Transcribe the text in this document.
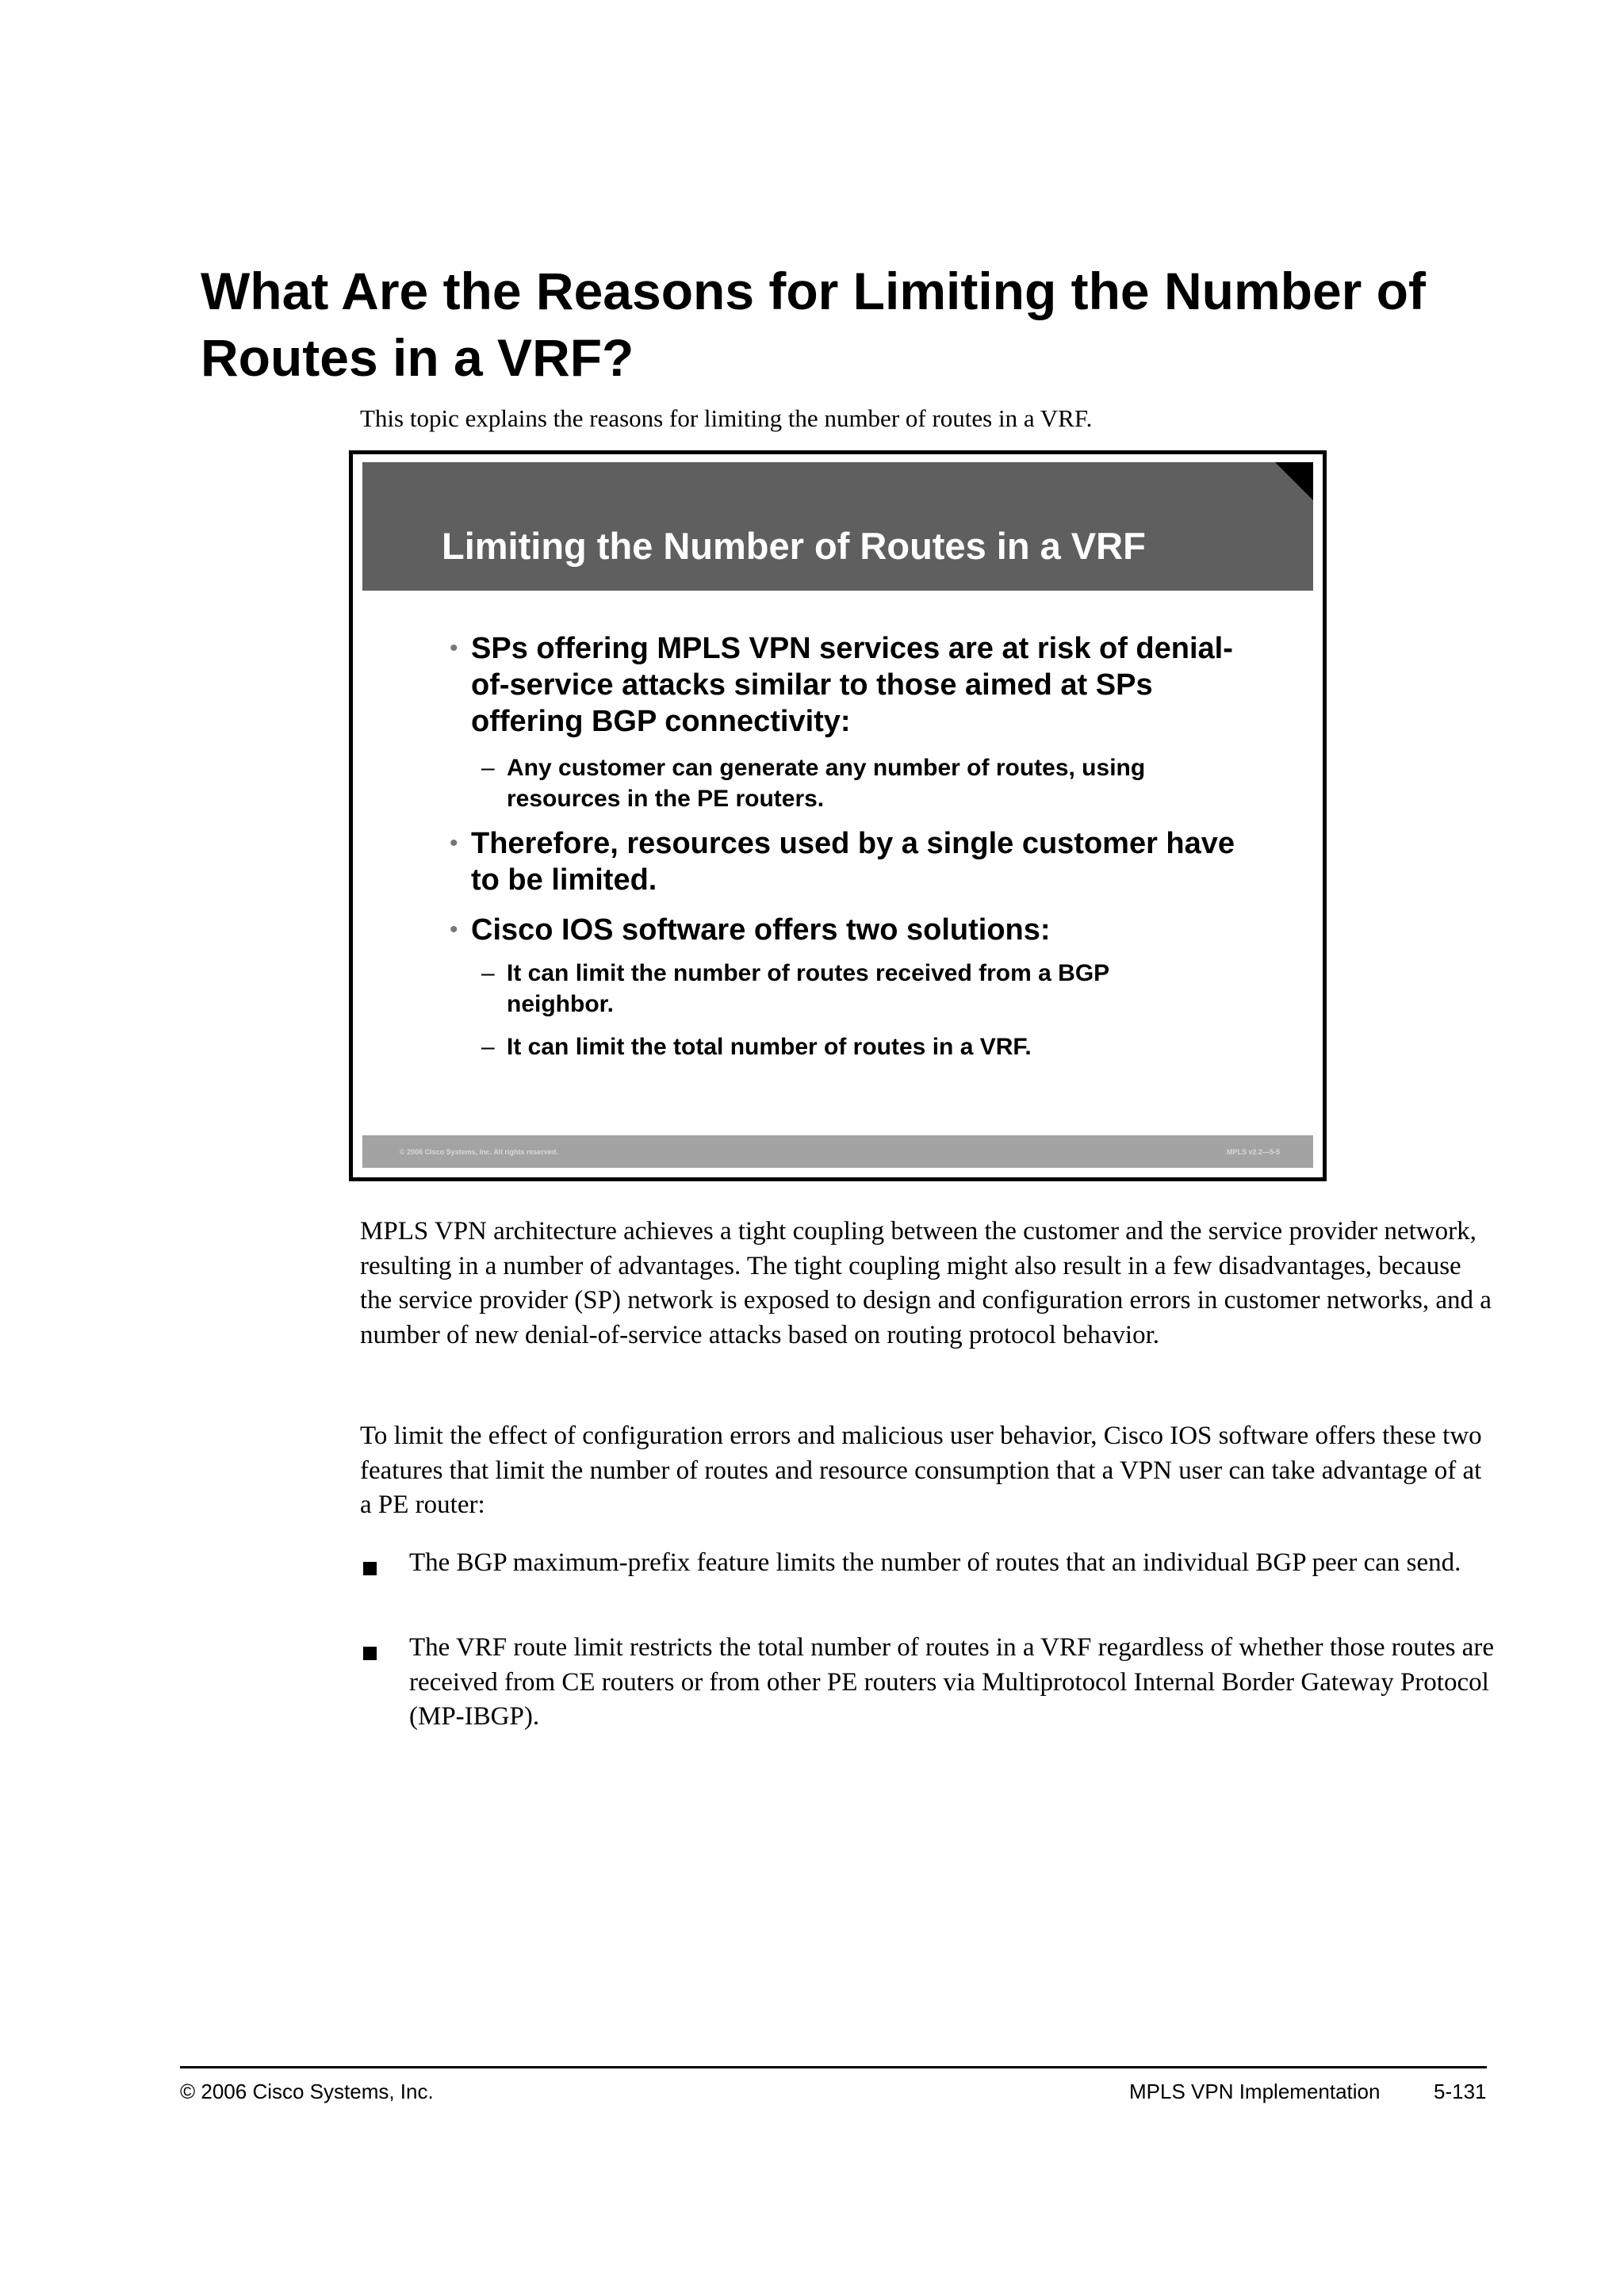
What Are the Reasons for Limiting the Number of Routes in a VRF?

This topic explains the reasons for limiting the number of routes in a VRF.

Limiting the Number of Routes in a VRF
• SPs offering MPLS VPN services are at risk of denial-of-service attacks similar to those aimed at SPs offering BGP connectivity:
– Any customer can generate any number of routes, using resources in the PE routers.
• Therefore, resources used by a single customer have to be limited.
• Cisco IOS software offers two solutions:
– It can limit the number of routes received from a BGP neighbor.
– It can limit the total number of routes in a VRF.
© 2006 Cisco Systems, Inc. All rights reserved.	MPLS v2.2—5-5

MPLS VPN architecture achieves a tight coupling between the customer and the service provider network, resulting in a number of advantages. The tight coupling might also result in a few disadvantages, because the service provider (SP) network is exposed to design and configuration errors in customer networks, and a number of new denial-of-service attacks based on routing protocol behavior.

To limit the effect of configuration errors and malicious user behavior, Cisco IOS software offers these two features that limit the number of routes and resource consumption that a VPN user can take advantage of at a PE router:

The BGP maximum-prefix feature limits the number of routes that an individual BGP peer can send.

The VRF route limit restricts the total number of routes in a VRF regardless of whether those routes are received from CE routers or from other PE routers via Multiprotocol Internal Border Gateway Protocol (MP-IBGP).

© 2006 Cisco Systems, Inc.	MPLS VPN Implementation	5-131
